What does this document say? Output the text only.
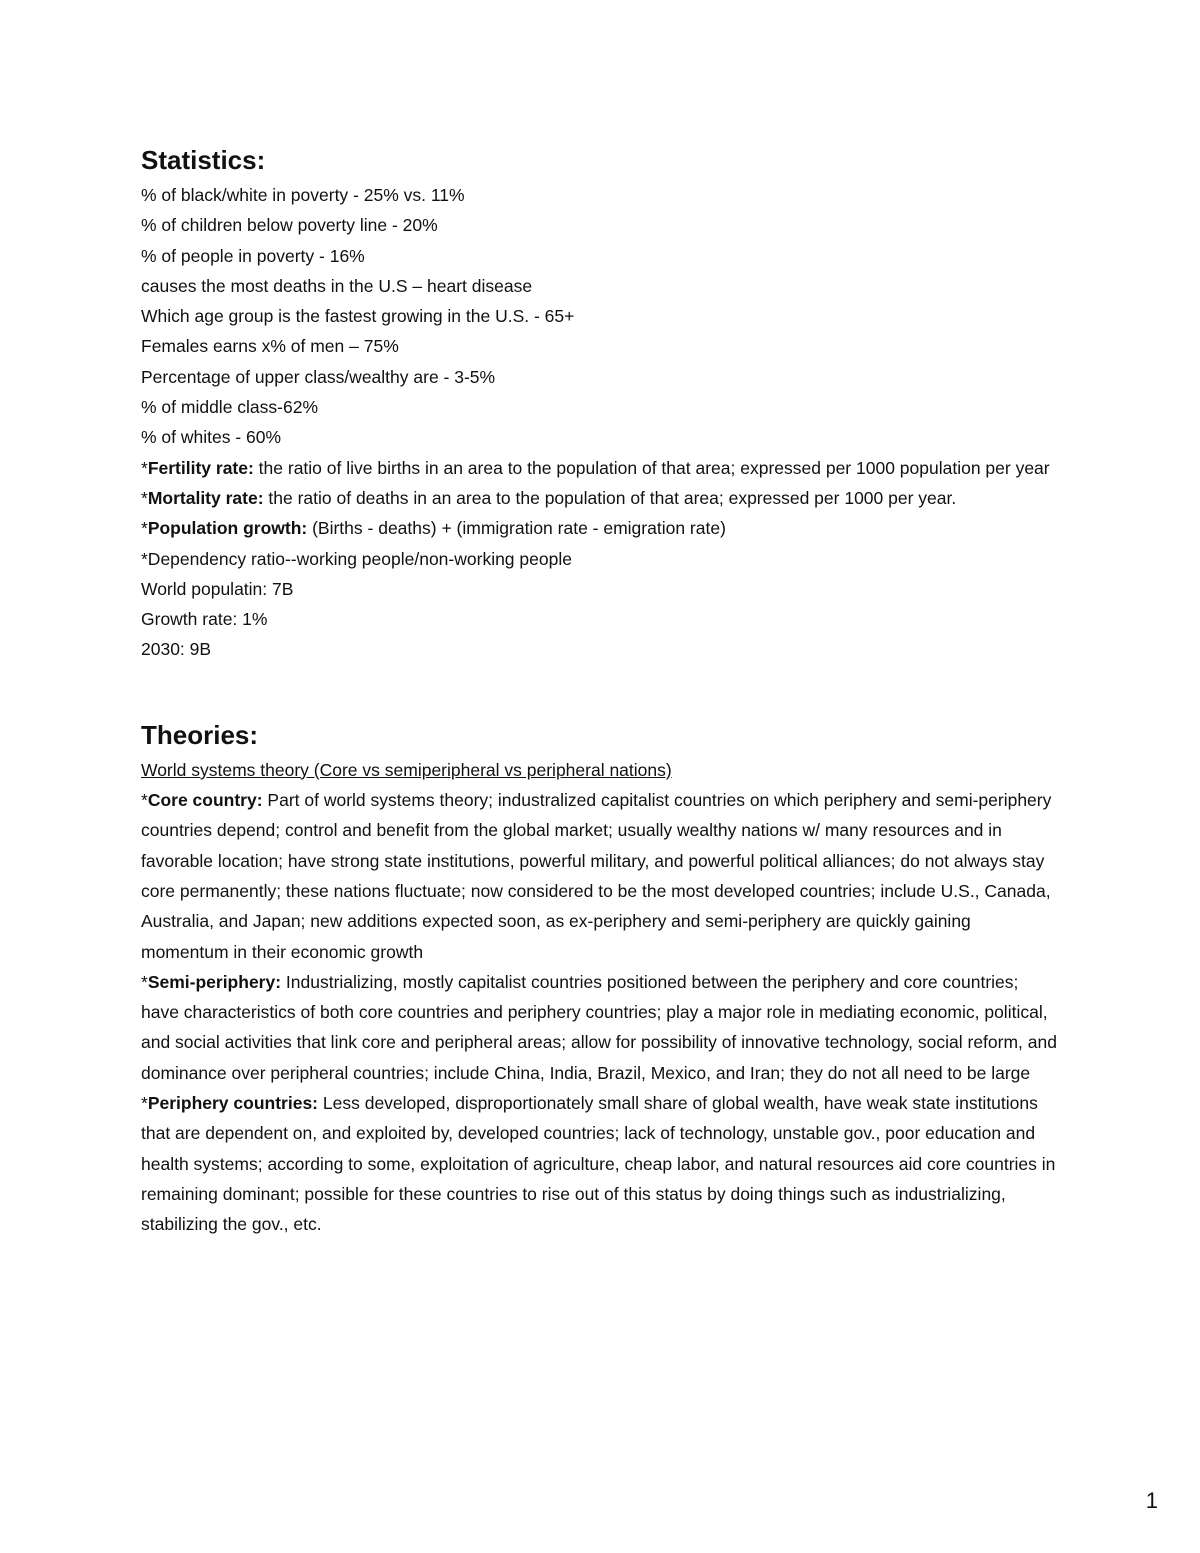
Statistics:

% of black/white in poverty - 25% vs. 11%

% of children below poverty line - 20%

% of people in poverty - 16%

causes the most deaths in the U.S – heart disease

Which age group is the fastest growing in the U.S. - 65+

Females earns x% of men – 75%

Percentage of upper class/wealthy are - 3-5%

% of middle class-62%

% of whites - 60%

*Fertility rate: the ratio of live births in an area to the population of that area; expressed per 1000 population per year

*Mortality rate: the ratio of deaths in an area to the population of that area; expressed per 1000 per year.

*Population growth: (Births - deaths) + (immigration rate - emigration rate)

*Dependency ratio--working people/non-working people

World populatin: 7B

Growth rate: 1%

2030: 9B

Theories:

World systems theory (Core vs semiperipheral vs peripheral nations)

*Core country: Part of world systems theory; industralized capitalist countries on which periphery and semi-periphery countries depend; control and benefit from the global market; usually wealthy nations w/ many resources and in favorable location; have strong state institutions, powerful military, and powerful political alliances; do not always stay core permanently; these nations fluctuate; now considered to be the most developed countries; include U.S., Canada, Australia, and Japan; new additions expected soon, as ex-periphery and semi-periphery are quickly gaining momentum in their economic growth

*Semi-periphery: Industrializing, mostly capitalist countries positioned between the periphery and core countries; have characteristics of both core countries and periphery countries; play a major role in mediating economic, political, and social activities that link core and peripheral areas; allow for possibility of innovative technology, social reform, and dominance over peripheral countries; include China, India, Brazil, Mexico, and Iran; they do not all need to be large

*Periphery countries: Less developed, disproportionately small share of global wealth, have weak state institutions that are dependent on, and exploited by, developed countries; lack of technology, unstable gov., poor education and health systems; according to some, exploitation of agriculture, cheap labor, and natural resources aid core countries in remaining dominant; possible for these countries to rise out of this status by doing things such as industrializing, stabilizing the gov., etc.

1
